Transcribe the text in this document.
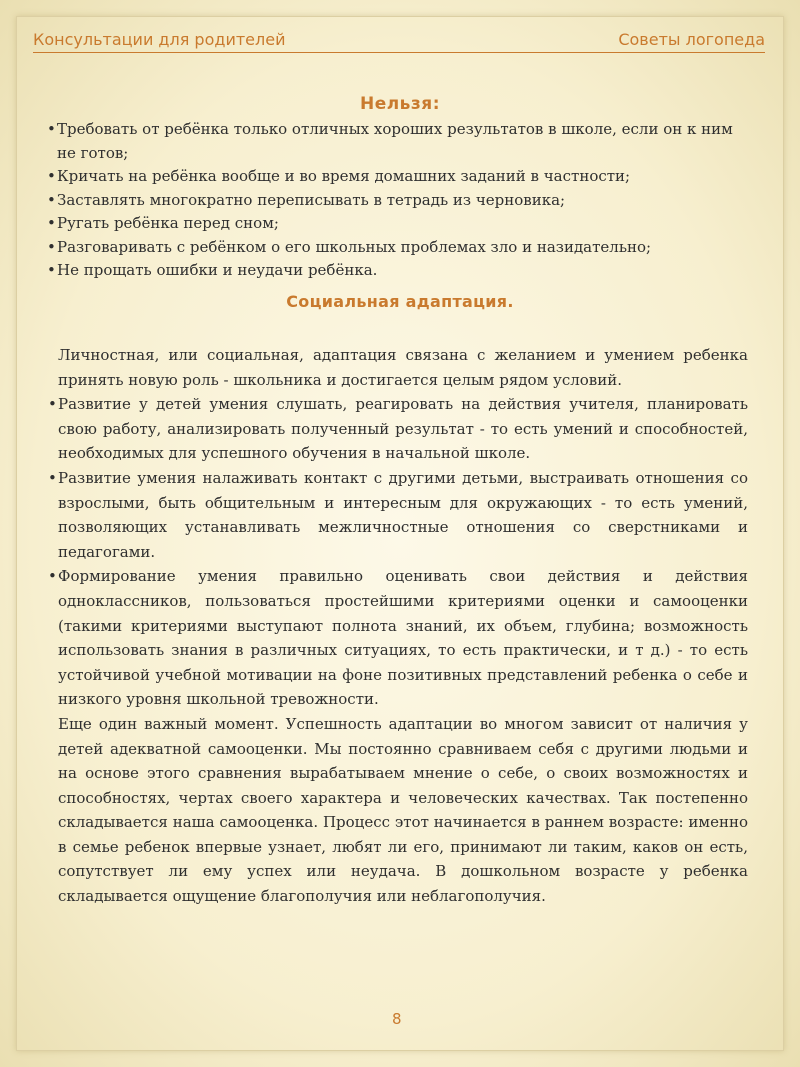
Консультации для родителей	Советы логопеда
Нельзя:
• Требовать от ребёнка только отличных хороших результатов в школе, если он к ним не готов;
• Кричать на ребёнка вообще и во время домашних заданий в частности;
• Заставлять многократно переписывать в тетрадь из черновика;
• Ругать ребёнка перед сном;
• Разговаривать с ребёнком о его школьных проблемах зло и назидательно;
• Не прощать ошибки и неудачи ребёнка.
Социальная адаптация.

Личностная, или социальная, адаптация связана с желанием и умением ребенка принять новую роль - школьника и достигается целым рядом условий.

• Развитие у детей умения слушать, реагировать на действия учителя, планировать свою работу, анализировать полученный результат - то есть умений и способностей, необходимых для успешного обучения в начальной школе.

• Развитие умения налаживать контакт с другими детьми, выстраивать отношения со взрослыми, быть общительным и интересным для окружающих - то есть умений, позволяющих устанавливать межличностные отношения со сверстниками и педагогами.

• Формирование умения правильно оценивать свои действия и действия одноклассников, пользоваться простейшими критериями оценки и самооценки (такими критериями выступают полнота знаний, их объем, глубина; возможность использовать знания в различных ситуациях, то есть практически, и т д.) - то есть устойчивой учебной мотивации на фоне позитивных представлений ребенка о себе и низкого уровня школьной тревожности.

Еще один важный момент. Успешность адаптации во многом зависит от наличия у детей адекватной самооценки. Мы постоянно сравниваем себя с другими людьми и на основе этого сравнения вырабатываем мнение о себе, о своих возможностях и способностях, чертах своего характера и человеческих качествах. Так постепенно складывается наша самооценка. Процесс этот начинается в раннем возрасте: именно в семье ребенок впервые узнает, любят ли его, принимают ли таким, каков он есть, сопутствует ли ему успех или неудача. В дошкольном возрасте у ребенка складывается ощущение благополучия или неблагополучия.

8
